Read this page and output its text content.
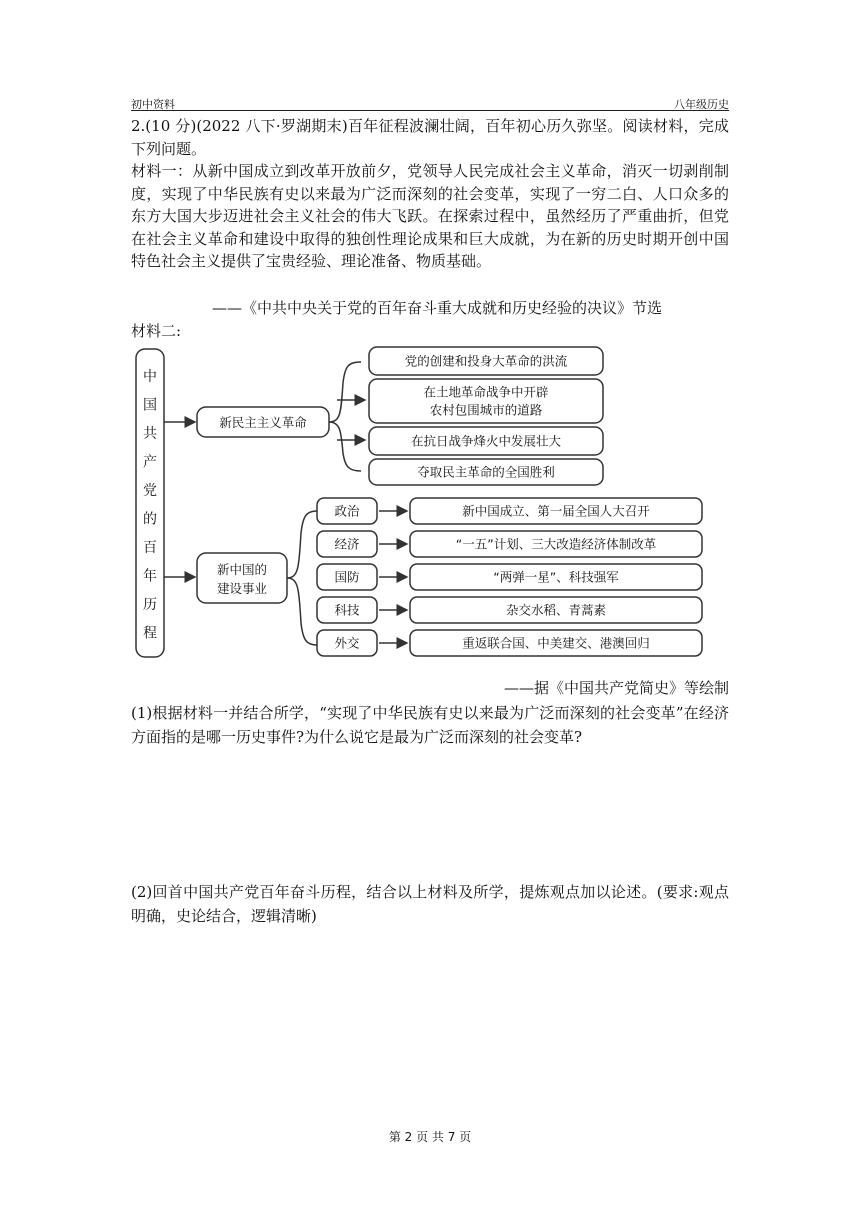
初中资料	八年级历史

2.(10 分)(2022 八下·罗湖期末)百年征程波澜壮阔，百年初心历久弥坚。阅读材料，完成下列问题。

材料一：从新中国成立到改革开放前夕，党领导人民完成社会主义革命，消灭一切剥削制度，实现了中华民族有史以来最为广泛而深刻的社会变革，实现了一穷二白、人口众多的东方大国大步迈进社会主义社会的伟大飞跃。在探索过程中，虽然经历了严重曲折，但党在社会主义革命和建设中取得的独创性理论成果和巨大成就，为在新的历史时期开创中国特色社会主义提供了宝贵经验、理论准备、物质基础。

——《中共中央关于党的百年奋斗重大成就和历史经验的决议》节选
材料二:
中
国
共
产
党
的
百
年
历
程
新民主主义革命
党的创建和投身大革命的洪流
在土地革命战争中开辟
农村包围城市的道路
在抗日战争烽火中发展壮大
夺取民主革命的全国胜利
新中国的
建设事业
政治	新中国成立、第一届全国人大召开
经济	“一五”计划、三大改造经济体制改革
国防	“两弹一星”、科技强军
科技	杂交水稻、青蒿素
外交	重返联合国、中美建交、港澳回归
——据《中国共产党简史》等绘制
(1)根据材料一并结合所学，“实现了中华民族有史以来最为广泛而深刻的社会变革”在经济方面指的是哪一历史事件?为什么说它是最为广泛而深刻的社会变革?
(2)回首中国共产党百年奋斗历程，结合以上材料及所学，提炼观点加以论述。(要求:观点明确，史论结合，逻辑清晰)
第 2 页 共 7 页
